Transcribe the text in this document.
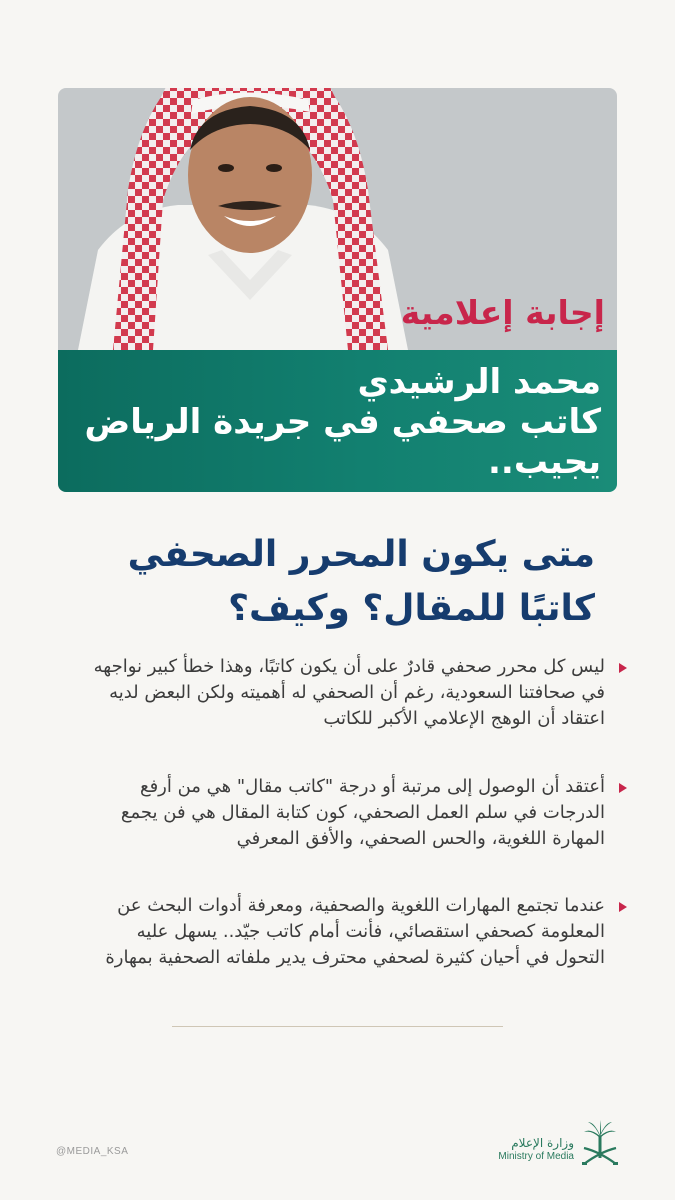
إجابة إعلامية
محمد الرشيدي
كاتب صحفي في جريدة الرياض
يجيب..
متى يكون المحرر الصحفي
كاتبًا للمقال؟ وكيف؟
ليس كل محرر صحفي قادرٌ على أن يكون كاتبًا، وهذا خطأ كبير نواجهه في صحافتنا السعودية، رغم أن الصحفي له أهميته ولكن البعض لديه اعتقاد أن الوهج الإعلامي الأكبر للكاتب
أعتقد أن الوصول إلى مرتبة أو درجة "كاتب مقال" هي من أرفع الدرجات في سلم العمل الصحفي، كون كتابة المقال هي فن يجمع المهارة اللغوية، والحس الصحفي، والأفق المعرفي
عندما تجتمع المهارات اللغوية والصحفية، ومعرفة أدوات البحث عن المعلومة كصحفي استقصائي، فأنت أمام كاتب جيّد.. يسهل عليه التحول في أحيان كثيرة لصحفي محترف يدير ملفاته الصحفية بمهارة
@MEDIA_KSA
وزارة الإعلام
Ministry of Media
